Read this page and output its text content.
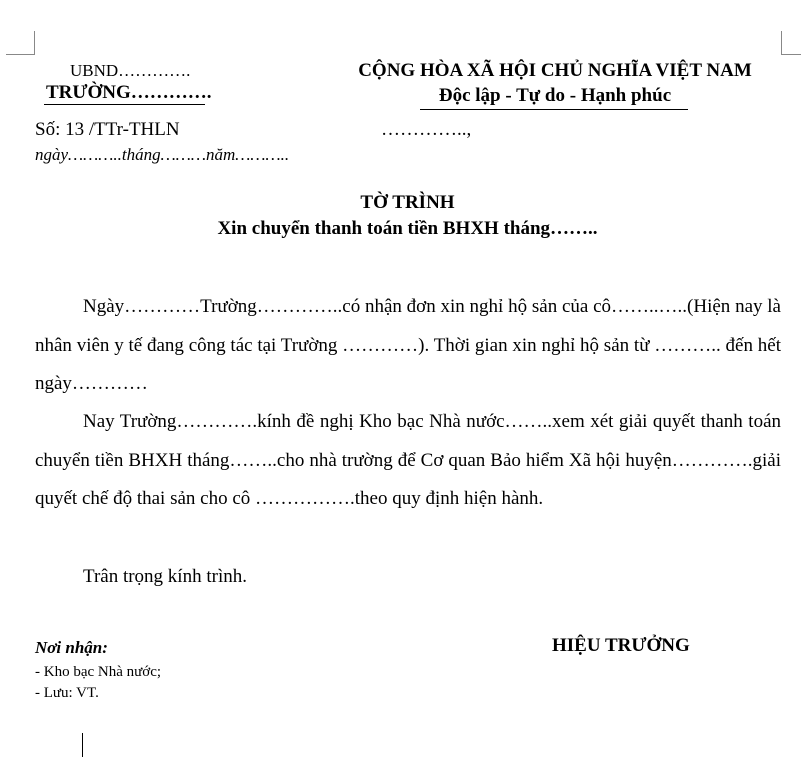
UBND………….
TRƯỜNG………….
CỘNG HÒA XÃ HỘI CHỦ NGHĨA VIỆT NAM
Độc lập - Tự do - Hạnh phúc
Số: 13 /TTr-THLN	…………..,
ngày………..tháng………năm………..
TỜ TRÌNH
Xin chuyển thanh toán tiền BHXH tháng……..
Ngày…………Trường…………..có nhận đơn xin nghỉ hộ sản của cô……..…..(Hiện nay là nhân viên y tế đang công tác tại Trường …………). Thời gian xin nghỉ hộ sản từ ……….. đến hết ngày…………
Nay Trường………….kính đề nghị Kho bạc Nhà nước……..xem xét giải quyết thanh toán chuyển tiền BHXH tháng……..cho nhà trường để Cơ quan Bảo hiểm Xã hội huyện………….giải quyết chế độ thai sản cho cô …………….theo quy định hiện hành.
Trân trọng kính trình.
Nơi nhận:
- Kho bạc Nhà nước;
- Lưu: VT.
HIỆU TRƯỞNG
